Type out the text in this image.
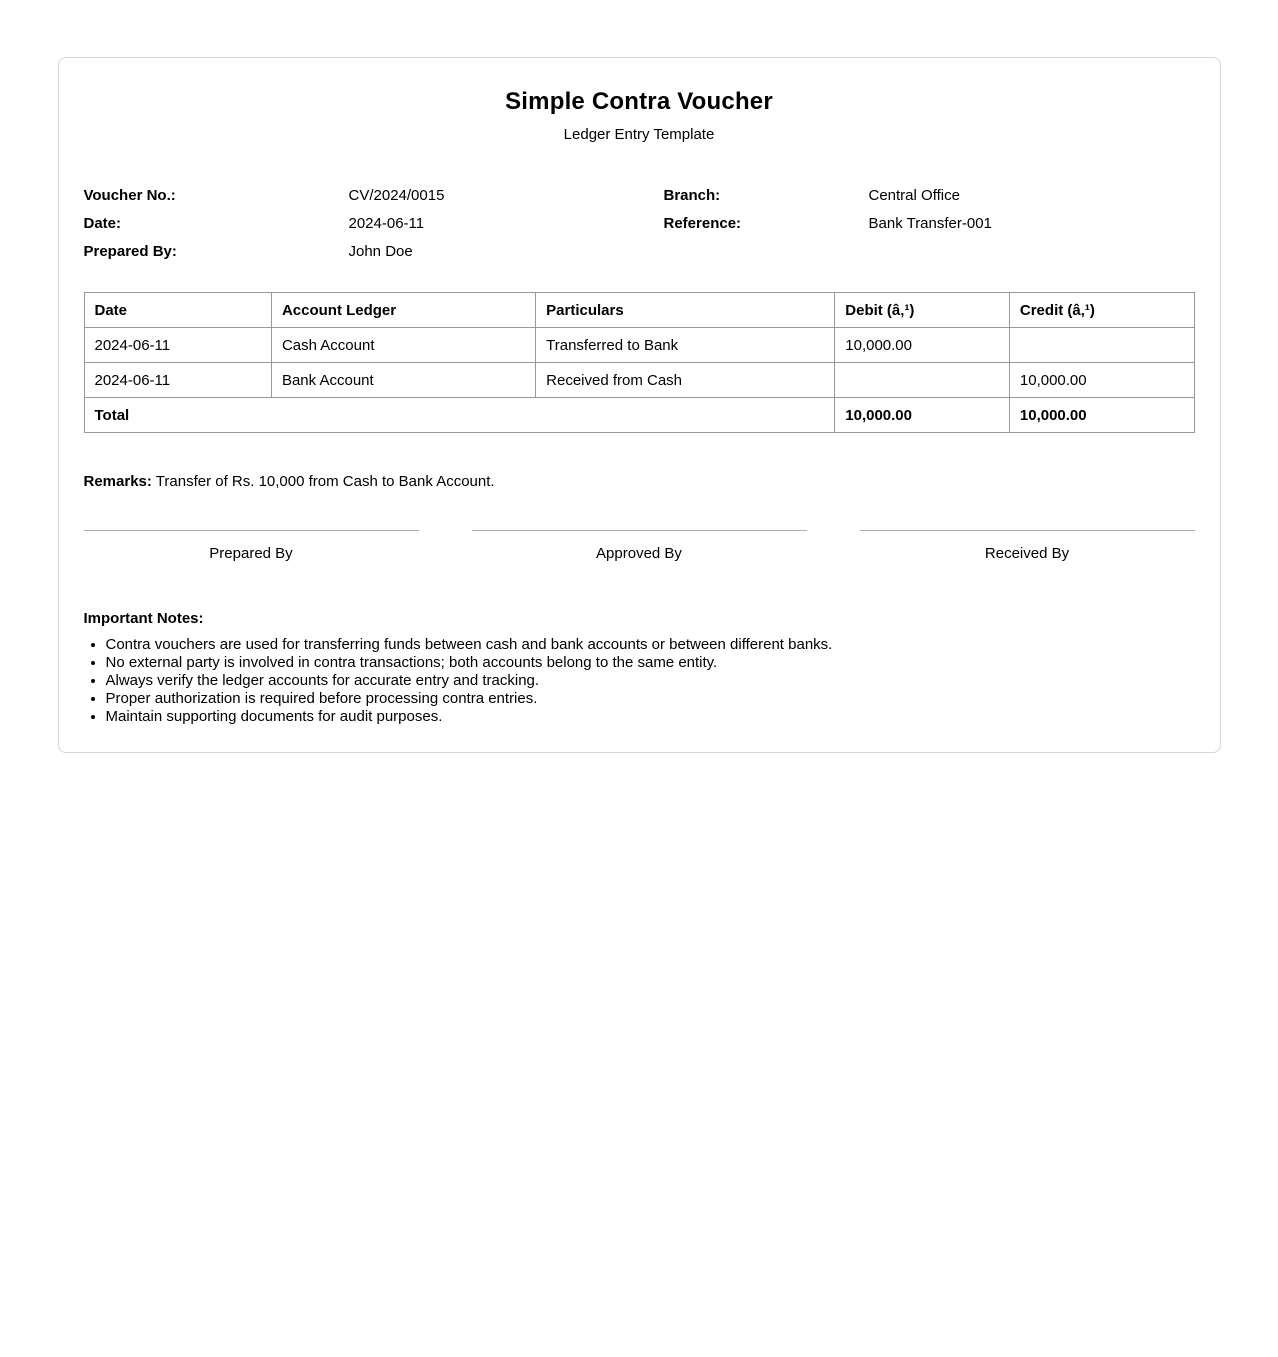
Simple Contra Voucher
Ledger Entry Template
Voucher No.:	CV/2024/0015	Branch:	Central Office
Date:	2024-06-11	Reference:	Bank Transfer-001
Prepared By:	John Doe
Date	Account Ledger	Particulars	Debit (â‚¹)	Credit (â‚¹)
2024-06-11	Cash Account	Transferred to Bank	10,000.00	
2024-06-11	Bank Account	Received from Cash		10,000.00
Total			10,000.00	10,000.00
Remarks: Transfer of Rs. 10,000 from Cash to Bank Account.
Prepared By	Approved By	Received By
Important Notes:
• Contra vouchers are used for transferring funds between cash and bank accounts or between different banks.
• No external party is involved in contra transactions; both accounts belong to the same entity.
• Always verify the ledger accounts for accurate entry and tracking.
• Proper authorization is required before processing contra entries.
• Maintain supporting documents for audit purposes.
